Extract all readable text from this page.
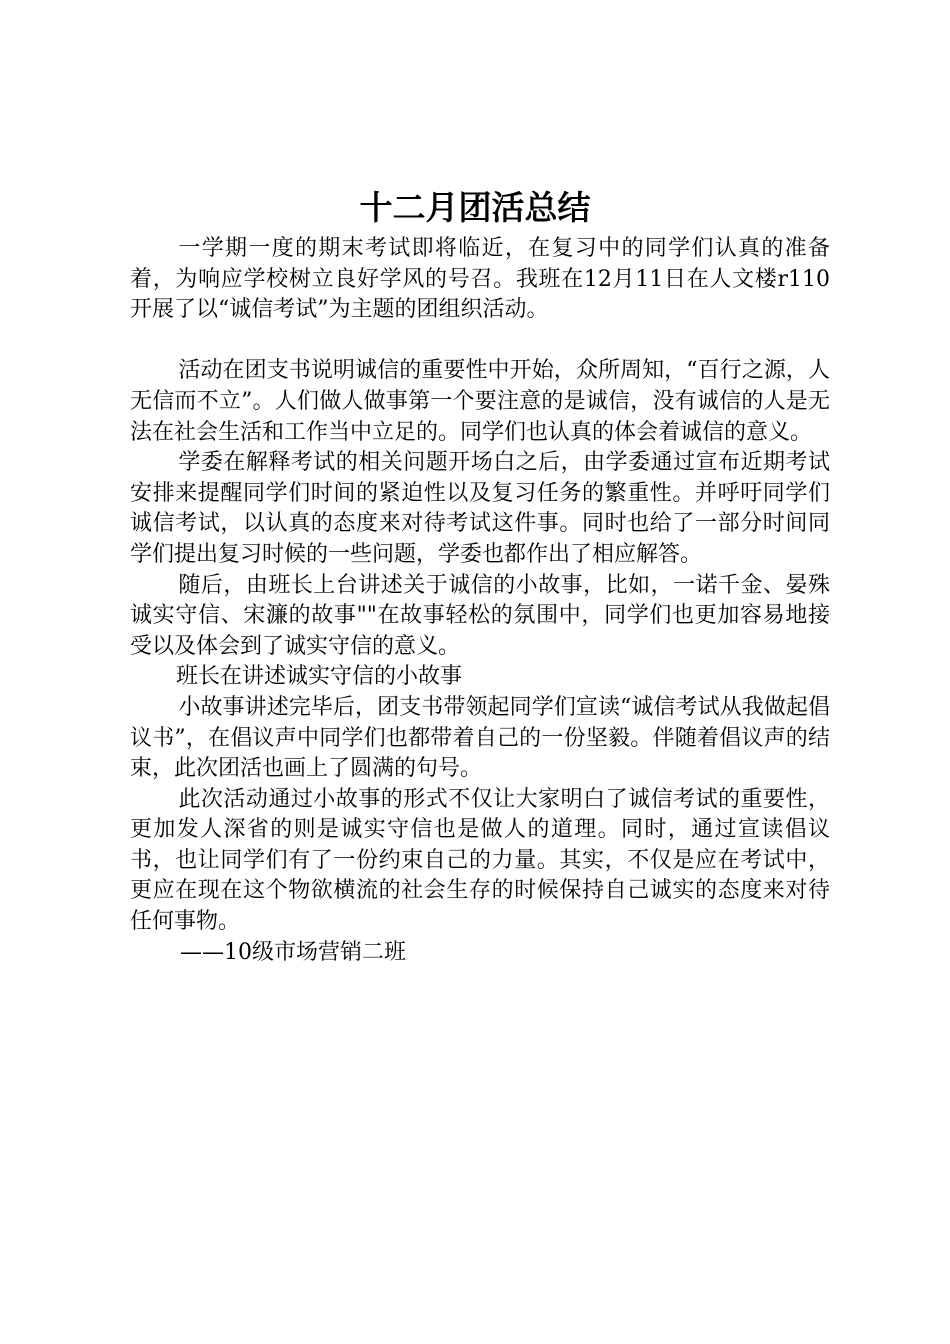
十二月团活总结

一学期一度的期末考试即将临近，在复习中的同学们认真的准备着，为响应学校树立良好学风的号召。我班在12月11日在人文楼r110开展了以“诚信考试”为主题的团组织活动。

活动在团支书说明诚信的重要性中开始，众所周知，“百行之源，人无信而不立”。人们做人做事第一个要注意的是诚信，没有诚信的人是无法在社会生活和工作当中立足的。同学们也认真的体会着诚信的意义。

学委在解释考试的相关问题开场白之后，由学委通过宣布近期考试安排来提醒同学们时间的紧迫性以及复习任务的繁重性。并呼吁同学们诚信考试，以认真的态度来对待考试这件事。同时也给了一部分时间同学们提出复习时候的一些问题，学委也都作出了相应解答。

随后，由班长上台讲述关于诚信的小故事，比如，一诺千金、晏殊诚实守信、宋濂的故事""在故事轻松的氛围中，同学们也更加容易地接受以及体会到了诚实守信的意义。

班长在讲述诚实守信的小故事

小故事讲述完毕后，团支书带领起同学们宣读“诚信考试从我做起倡议书”，在倡议声中同学们也都带着自己的一份坚毅。伴随着倡议声的结束，此次团活也画上了圆满的句号。

此次活动通过小故事的形式不仅让大家明白了诚信考试的重要性，更加发人深省的则是诚实守信也是做人的道理。同时，通过宣读倡议书，也让同学们有了一份约束自己的力量。其实，不仅是应在考试中，更应在现在这个物欲横流的社会生存的时候保持自己诚实的态度来对待任何事物。

——10级市场营销二班
